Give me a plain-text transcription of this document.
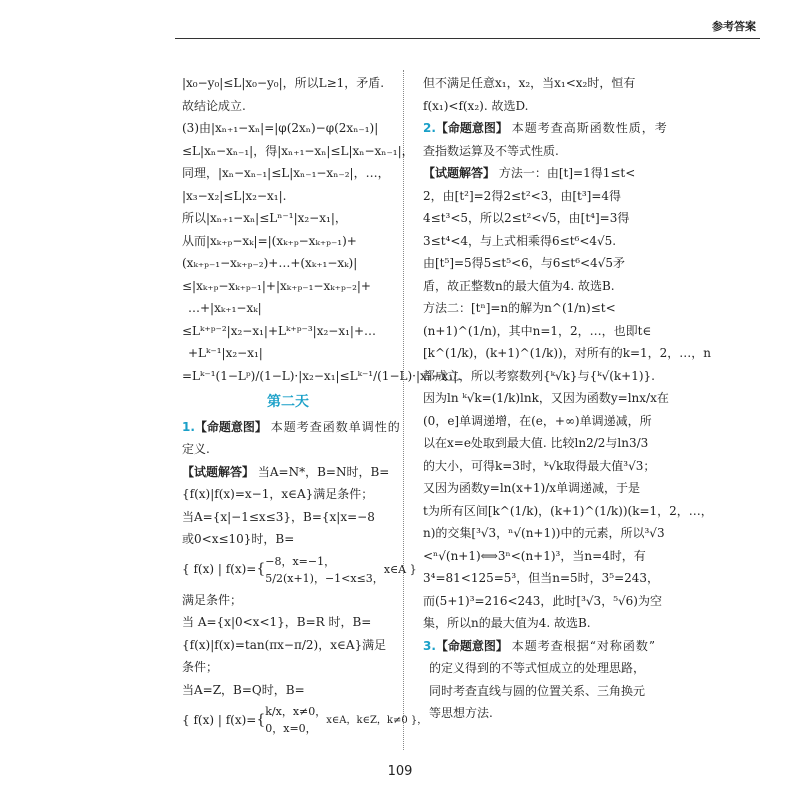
参考答案
|x₀−y₀|≤L|x₀−y₀|，所以L≥1，矛盾.
故结论成立.
(3)由|xₙ₊₁−xₙ|=|φ(2xₙ)−φ(2xₙ₋₁)|
≤L|xₙ−xₙ₋₁|，得|xₙ₊₁−xₙ|≤L|xₙ−xₙ₋₁|，
同理，|xₙ−xₙ₋₁|≤L|xₙ₋₁−xₙ₋₂|，…，
|x₃−x₂|≤L|x₂−x₁|.
所以|xₙ₊₁−xₙ|≤Lⁿ⁻¹|x₂−x₁|，
从而|xₖ₊ₚ−xₖ|=|(xₖ₊ₚ−xₖ₊ₚ₋₁)+
(xₖ₊ₚ₋₁−xₖ₊ₚ₋₂)+…+(xₖ₊₁−xₖ)|
≤|xₖ₊ₚ−xₖ₊ₚ₋₁|+|xₖ₊ₚ₋₁−xₖ₊ₚ₋₂|+
…+|xₖ₊₁−xₖ|
≤Lᵏ⁺ᵖ⁻²|x₂−x₁|+Lᵏ⁺ᵖ⁻³|x₂−x₁|+…
+Lᵏ⁻¹|x₂−x₁|
=Lᵏ⁻¹(1−Lᵖ)/(1−L)·|x₂−x₁|≤Lᵏ⁻¹/(1−L)·|x₂−x₁|.
第二天
1.【命题意图】 本题考查函数单调性的
定义.
【试题解答】 当A=N*，B=N时，B=
{f(x)|f(x)=x−1，x∈A}满足条件；
当A={x|−1≤x≤3}，B={x|x=−8
或0<x≤10}时，B=
{ f(x) | f(x)= { −8，x=−1，
5/2(x+1)，−1<x≤3，
x∈A }
满足条件；
当 A={x|0<x<1}，B=R 时，B=
{f(x)|f(x)=tan(πx−π/2)，x∈A}满足
条件；
当A=Z，B=Q时，B=
{ f(x) | f(x)= { k/x，x≠0，
0，x=0，
x∈A，k∈Z，k≠0 }，
但不满足任意x₁，x₂，当x₁<x₂时，恒有
f(x₁)<f(x₂). 故选D.
2.【命题意图】 本题考查高斯函数性质，考
查指数运算及不等式性质.
【试题解答】 方法一：由[t]=1得1≤t<
2，由[t²]=2得2≤t²<3，由[t³]=4得
4≤t³<5，所以2≤t²<√5，由[t⁴]=3得
3≤t⁴<4，与上式相乘得6≤t⁶<4√5.
由[t⁵]=5得5≤t⁵<6，与6≤t⁶<4√5矛
盾，故正整数n的最大值为4. 故选B.
方法二：[tⁿ]=n的解为n^(1/n)≤t<
(n+1)^(1/n)，其中n=1，2，…，也即t∈
[k^(1/k)，(k+1)^(1/k))，对所有的k=1，2，…，n
都成立，所以考察数列{ᵏ√k}与{ᵏ√(k+1)}.
因为ln ᵏ√k=(1/k)lnk，又因为函数y=lnx/x在
(0，e]单调递增，在(e，+∞)单调递减，所
以在x=e处取到最大值. 比较ln2/2与ln3/3
的大小，可得k=3时，ᵏ√k取得最大值³√3；
又因为函数y=ln(x+1)/x单调递减，于是
t为所有区间[k^(1/k)，(k+1)^(1/k))(k=1，2，…，
n)的交集[³√3，ⁿ√(n+1))中的元素，所以³√3
<ⁿ√(n+1)⟺3ⁿ<(n+1)³，当n=4时，有
3⁴=81<125=5³，但当n=5时，3⁵=243，
而(5+1)³=216<243，此时[³√3，⁵√6)为空
集，所以n的最大值为4. 故选B.
3.【命题意图】 本题考查根据“对称函数”
的定义得到的不等式恒成立的处理思路，
同时考查直线与圆的位置关系、三角换元
等思想方法.
109
